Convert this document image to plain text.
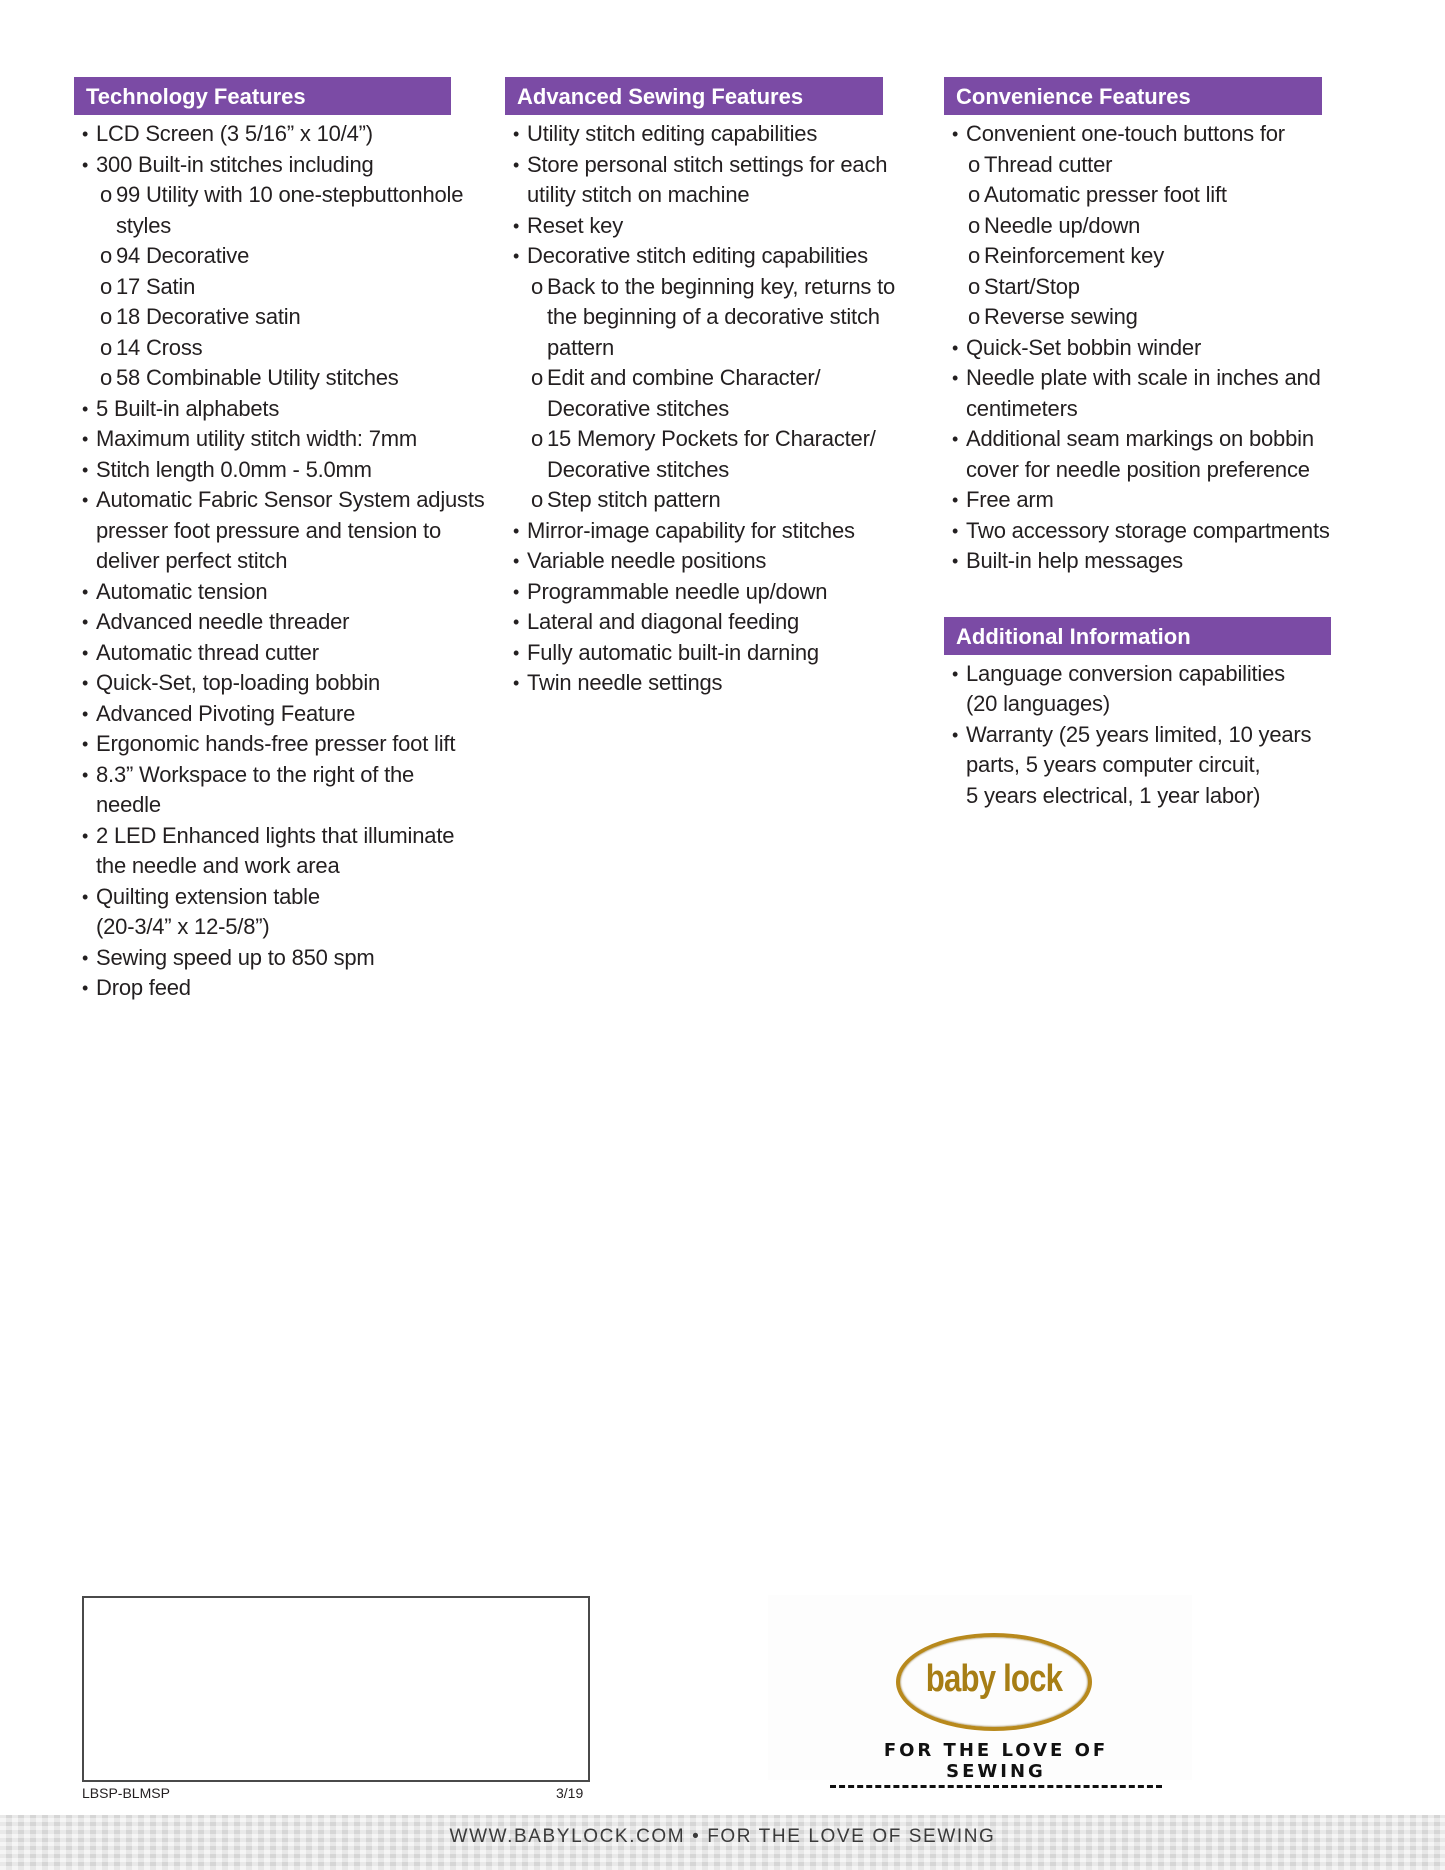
Technology Features
• LCD Screen (3 5/16” x 10/4”)
• 300 Built-in stitches including
o 99 Utility with 10 one-stepbuttonhole
styles
o 94 Decorative
o 17 Satin
o 18 Decorative satin
o 14 Cross
o 58 Combinable Utility stitches
• 5 Built-in alphabets
• Maximum utility stitch width: 7mm
• Stitch length 0.0mm - 5.0mm
• Automatic Fabric Sensor System adjusts
presser foot pressure and tension to
deliver perfect stitch
• Automatic tension
• Advanced needle threader
• Automatic thread cutter
• Quick-Set, top-loading bobbin
• Advanced Pivoting Feature
• Ergonomic hands-free presser foot lift
• 8.3” Workspace to the right of the
needle
• 2 LED Enhanced lights that illuminate
the needle and work area
• Quilting extension table
(20-3/4” x 12-5/8”)
• Sewing speed up to 850 spm
• Drop feed
Advanced Sewing Features
• Utility stitch editing capabilities
• Store personal stitch settings for each
utility stitch on machine
• Reset key
• Decorative stitch editing capabilities
o Back to the beginning key, returns to
the beginning of a decorative stitch
pattern
o Edit and combine Character/
Decorative stitches
o 15 Memory Pockets for Character/
Decorative stitches
o Step stitch pattern
• Mirror-image capability for stitches
• Variable needle positions
• Programmable needle up/down
• Lateral and diagonal feeding
• Fully automatic built-in darning
• Twin needle settings
Convenience Features
• Convenient one-touch buttons for
o Thread cutter
o Automatic presser foot lift
o Needle up/down
o Reinforcement key
o Start/Stop
o Reverse sewing
• Quick-Set bobbin winder
• Needle plate with scale in inches and
centimeters
• Additional seam markings on bobbin
cover for needle position preference
• Free arm
• Two accessory storage compartments
• Built-in help messages
Additional Information
• Language conversion capabilities
(20 languages)
• Warranty (25 years limited, 10 years
parts, 5 years computer circuit,
5 years electrical, 1 year labor)
LBSP-BLMSP	3/19
baby lock
FOR THE LOVE OF SEWING
WWW.BABYLOCK.COM • FOR THE LOVE OF SEWING
